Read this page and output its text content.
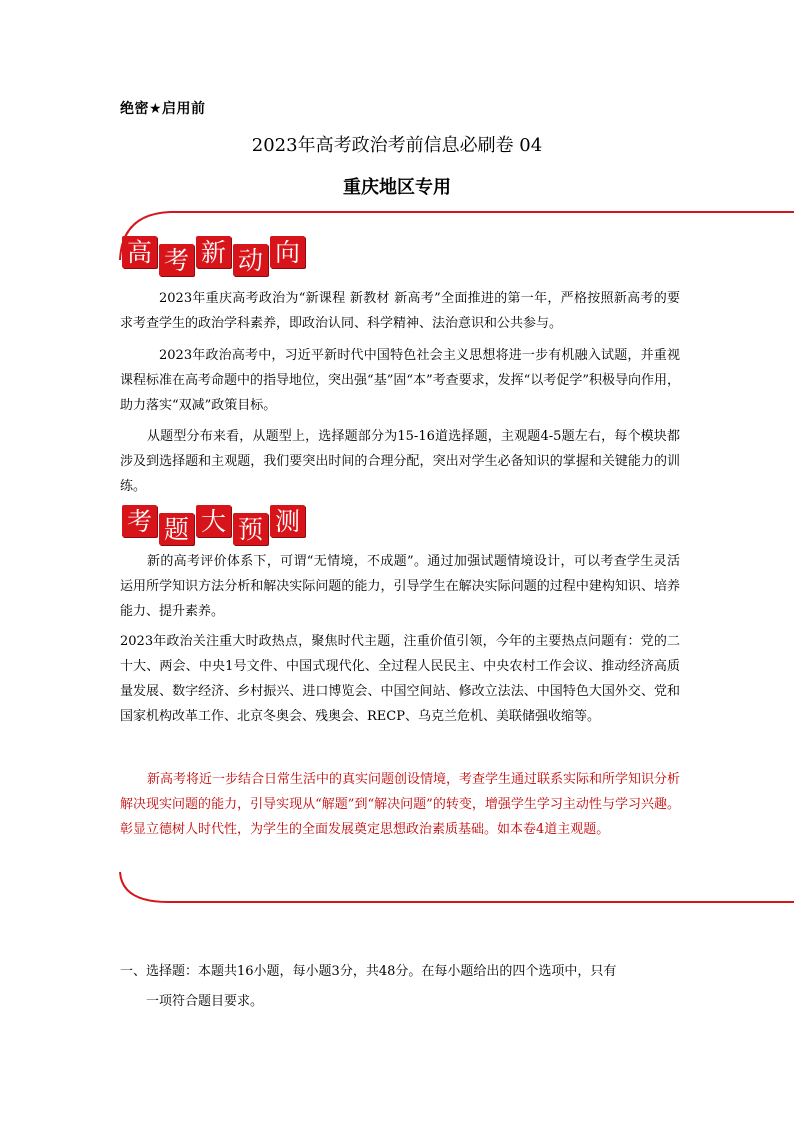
绝密★启用前
2023年高考政治考前信息必刷卷 04
重庆地区专用
高 考 新 动 向

2023年重庆高考政治为“新课程 新教材 新高考”全面推进的第一年，严格按照新高考的要求考查学生的政治学科素养，即政治认同、科学精神、法治意识和公共参与。

2023年政治高考中，习近平新时代中国特色社会主义思想将进一步有机融入试题，并重视课程标准在高考命题中的指导地位，突出强“基”固“本”考查要求，发挥“以考促学”积极导向作用，助力落实“双减”政策目标。

从题型分布来看，从题型上，选择题部分为15-16道选择题，主观题4-5题左右，每个模块都涉及到选择题和主观题，我们要突出时间的合理分配，突出对学生必备知识的掌握和关键能力的训练。

考 题 大 预 测

新的高考评价体系下，可谓“无情境，不成题”。通过加强试题情境设计，可以考查学生灵活运用所学知识方法分析和解决实际问题的能力，引导学生在解决实际问题的过程中建构知识、培养能力、提升素养。

2023年政治关注重大时政热点，聚焦时代主题，注重价值引领，今年的主要热点问题有：党的二十大、两会、中央1号文件、中国式现代化、全过程人民民主、中央农村工作会议、推动经济高质量发展、数字经济、乡村振兴、进口博览会、中国空间站、修改立法法、中国特色大国外交、党和国家机构改革工作、北京冬奥会、残奥会、RECP、乌克兰危机、美联储强收缩等。

新高考将近一步结合日常生活中的真实问题创设情境，考查学生通过联系实际和所学知识分析解决现实问题的能力，引导实现从“解题”到“解决问题”的转变，增强学生学习主动性与学习兴趣。彰显立德树人时代性，为学生的全面发展奠定思想政治素质基础。如本卷4道主观题。

一、选择题：本题共16小题，每小题3分，共48分。在每小题给出的四个选项中，只有
一项符合题目要求。
